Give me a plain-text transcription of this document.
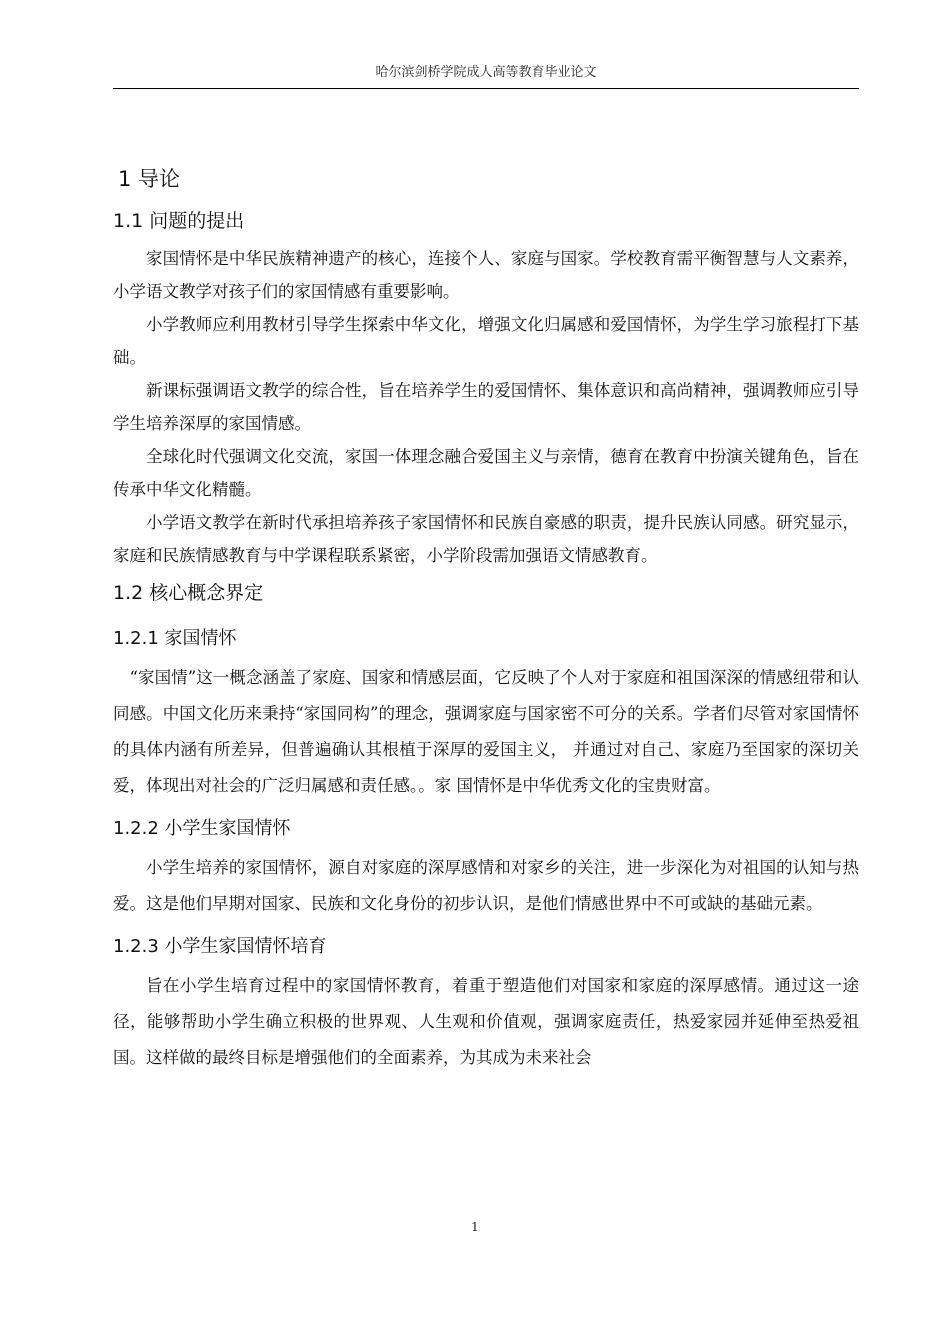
哈尔滨剑桥学院成人高等教育毕业论文
1 导论
1.1 问题的提出

家国情怀是中华民族精神遗产的核心，连接个人、家庭与国家。学校教育需平衡智慧与人文素养，小学语文教学对孩子们的家国情感有重要影响。

小学教师应利用教材引导学生探索中华文化，增强文化归属感和爱国情怀，为学生学习旅程打下基础。

新课标强调语文教学的综合性，旨在培养学生的爱国情怀、集体意识和高尚精神，强调教师应引导学生培养深厚的家国情感。

全球化时代强调文化交流，家国一体理念融合爱国主义与亲情，德育在教育中扮演关键角色，旨在传承中华文化精髓。

小学语文教学在新时代承担培养孩子家国情怀和民族自豪感的职责，提升民族认同感。研究显示，家庭和民族情感教育与中学课程联系紧密，小学阶段需加强语文情感教育。

1.2 核心概念界定
1.2.1 家国情怀

“家国情”这一概念涵盖了家庭、国家和情感层面，它反映了个人对于家庭和祖国深深的情感纽带和认同感。中国文化历来秉持“家国同构”的理念，强调家庭与国家密不可分的关系。学者们尽管对家国情怀的具体内涵有所差异，但普遍确认其根植于深厚的爱国主义， 并通过对自己、家庭乃至国家的深切关爱，体现出对社会的广泛归属感和责任感。。家 国情怀是中华优秀文化的宝贵财富。

1.2.2 小学生家国情怀

小学生培养的家国情怀，源自对家庭的深厚感情和对家乡的关注，进一步深化为对祖国的认知与热爱。这是他们早期对国家、民族和文化身份的初步认识，是他们情感世界中不可或缺的基础元素。

1.2.3 小学生家国情怀培育

旨在小学生培育过程中的家国情怀教育，着重于塑造他们对国家和家庭的深厚感情。通过这一途径，能够帮助小学生确立积极的世界观、人生观和价值观，强调家庭责任，热爱家园并延伸至热爱祖国。这样做的最终目标是增强他们的全面素养，为其成为未来社会

1
